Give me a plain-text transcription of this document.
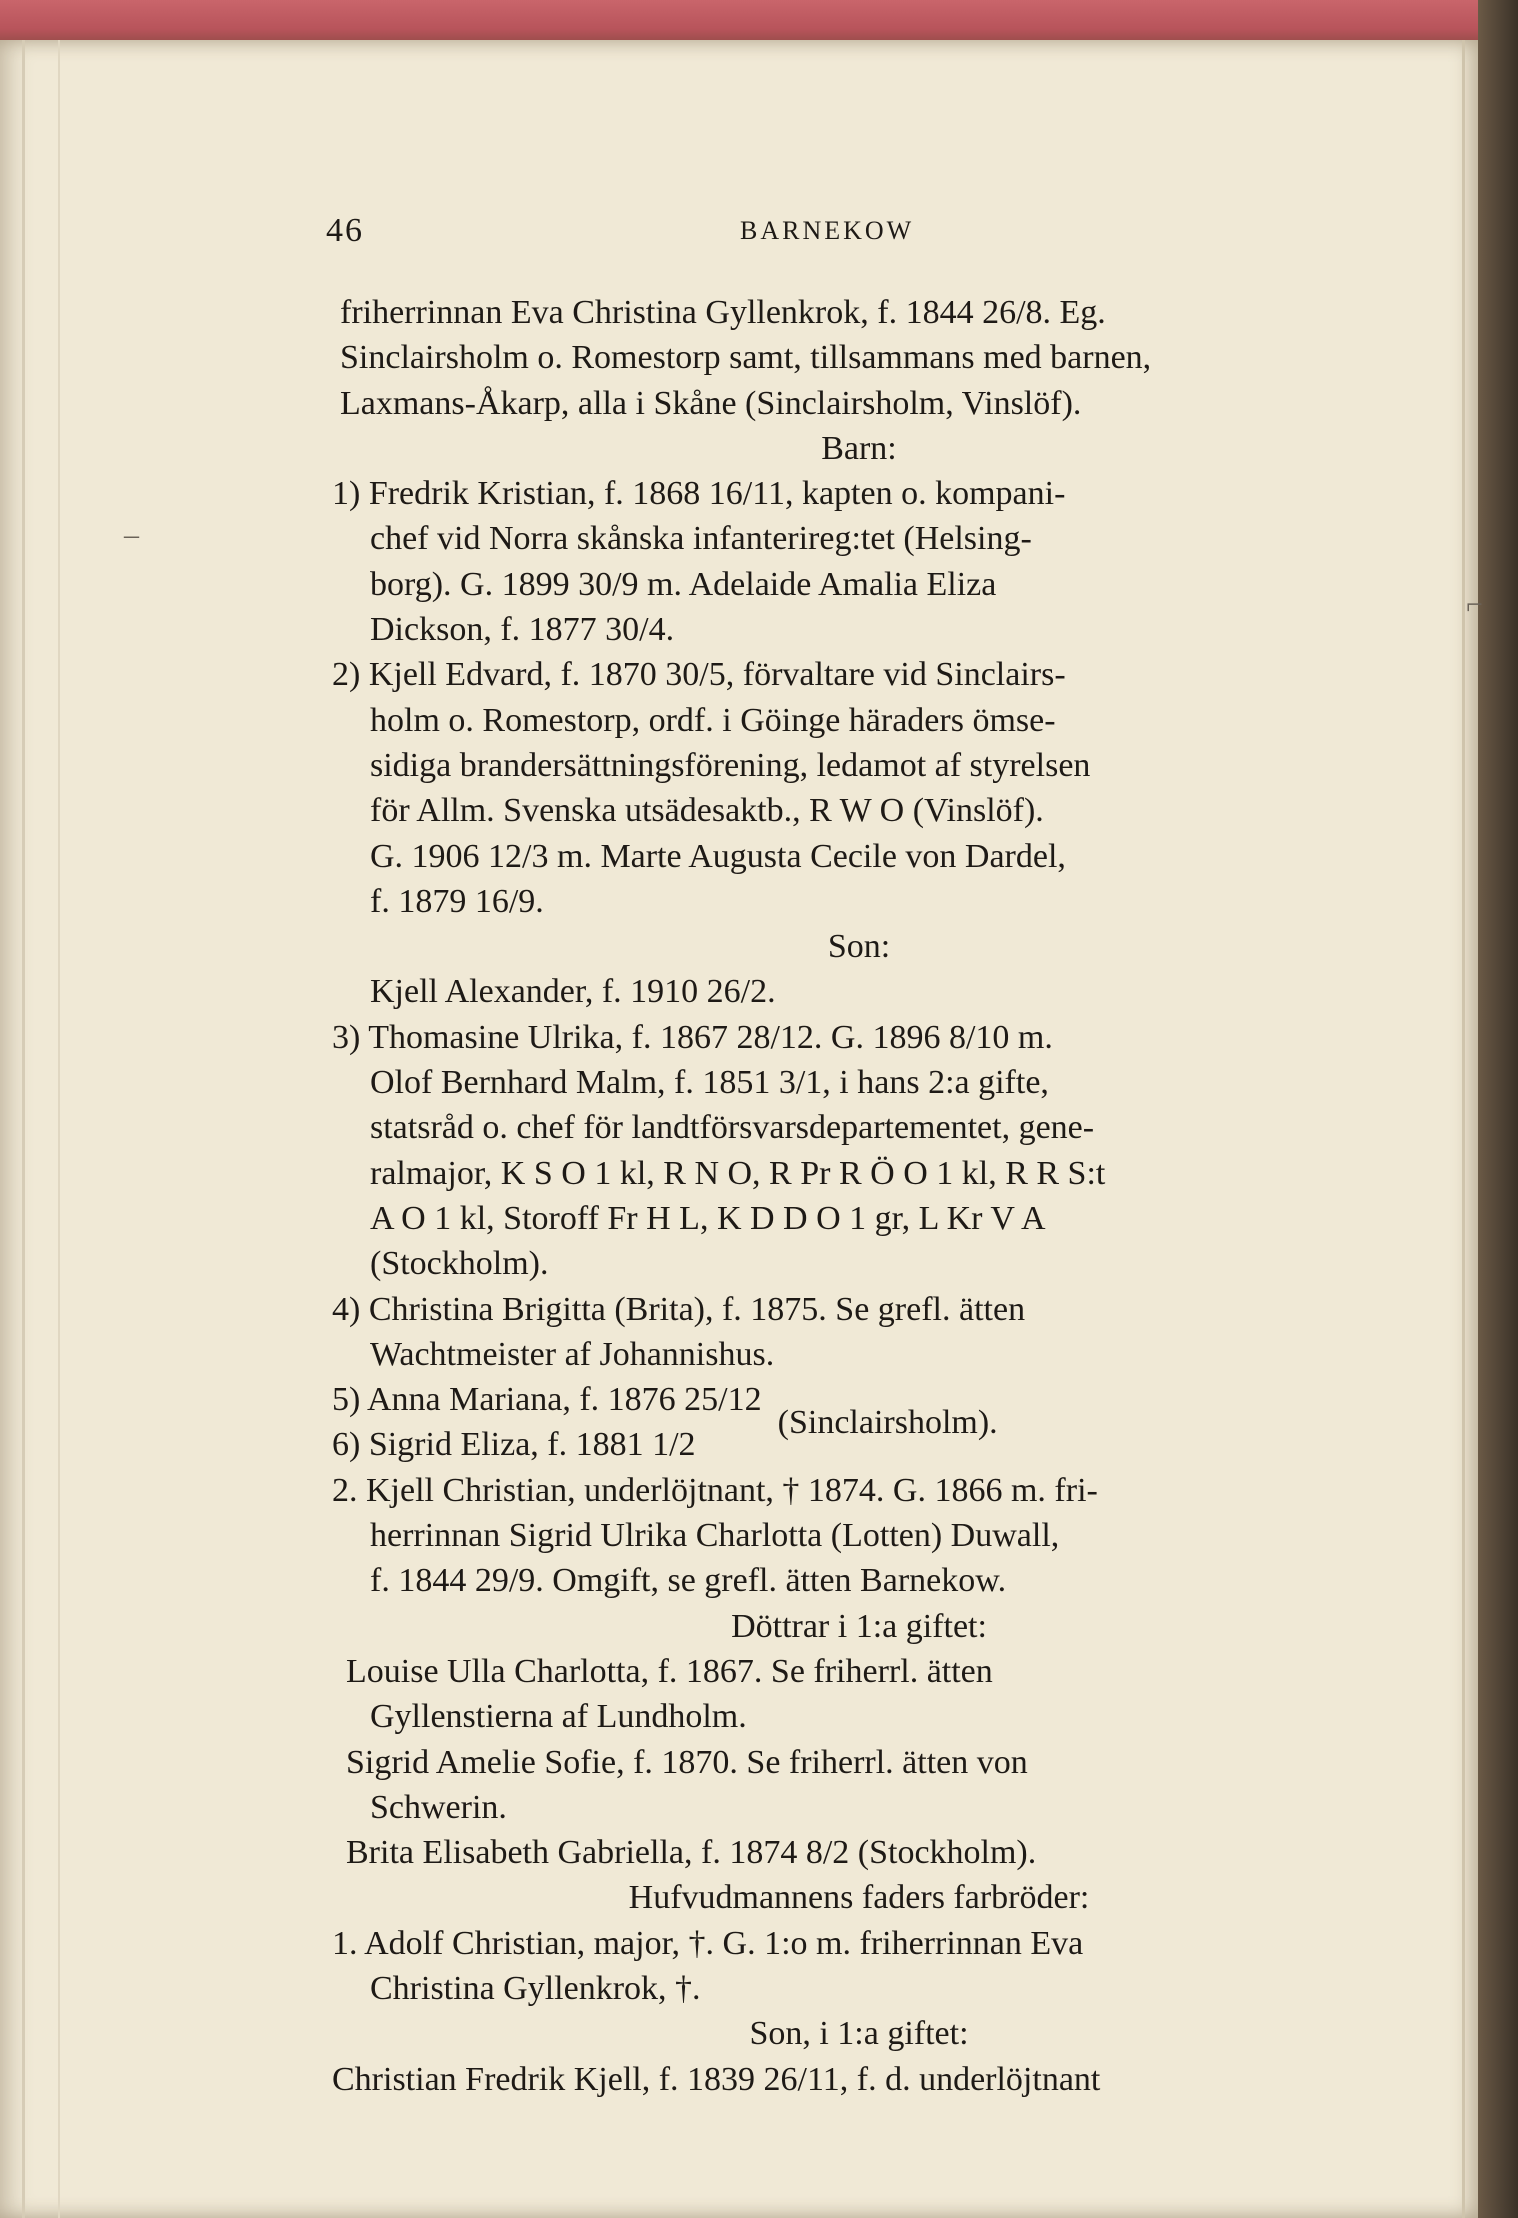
–
⌐
46	BARNEKOW
friherrinnan Eva Christina Gyllenkrok, f. 1844 26/8. Eg.
Sinclairsholm o. Romestorp samt, tillsammans med barnen,
Laxmans-Åkarp, alla i Skåne (Sinclairsholm, Vinslöf).
Barn:
1) Fredrik Kristian, f. 1868 16/11, kapten o. kompani-
chef vid Norra skånska infanterireg:tet (Helsing-
borg). G. 1899 30/9 m. Adelaide Amalia Eliza
Dickson, f. 1877 30/4.
2) Kjell Edvard, f. 1870 30/5, förvaltare vid Sinclairs-
holm o. Romestorp, ordf. i Göinge häraders ömse-
sidiga brandersättningsförening, ledamot af styrelsen
för Allm. Svenska utsädesaktb., R W O (Vinslöf).
G. 1906 12/3 m. Marte Augusta Cecile von Dardel,
f. 1879 16/9.
Son:
Kjell Alexander, f. 1910 26/2.
3) Thomasine Ulrika, f. 1867 28/12. G. 1896 8/10 m.
Olof Bernhard Malm, f. 1851 3/1, i hans 2:a gifte,
statsråd o. chef för landtförsvarsdepartementet, gene-
ralmajor, K S O 1 kl, R N O, R Pr R Ö O 1 kl, R R S:t
A O 1 kl, Storoff Fr H L, K D D O 1 gr, L Kr V A
(Stockholm).
4) Christina Brigitta (Brita), f. 1875. Se grefl. ätten
Wachtmeister af Johannishus.
5) Anna Mariana, f. 1876 25/12
6) Sigrid Eliza, f. 1881 1/2
(Sinclairsholm).
2. Kjell Christian, underlöjtnant, † 1874. G. 1866 m. fri-
herrinnan Sigrid Ulrika Charlotta (Lotten) Duwall,
f. 1844 29/9. Omgift, se grefl. ätten Barnekow.
Döttrar i 1:a giftet:
Louise Ulla Charlotta, f. 1867. Se friherrl. ätten
Gyllenstierna af Lundholm.
Sigrid Amelie Sofie, f. 1870. Se friherrl. ätten von
Schwerin.
Brita Elisabeth Gabriella, f. 1874 8/2 (Stockholm).
Hufvudmannens faders farbröder:
1. Adolf Christian, major, †. G. 1:o m. friherrinnan Eva
Christina Gyllenkrok, †.
Son, i 1:a giftet:
Christian Fredrik Kjell, f. 1839 26/11, f. d. underlöjtnant
